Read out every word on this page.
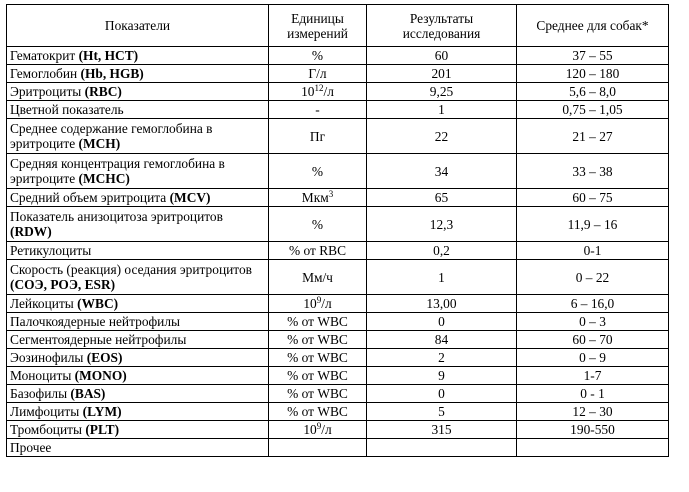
Показатели	Единицы измерений	Результаты исследования	Среднее для собак*
Гематокрит (Ht, HCT)	%	60	37 – 55
Гемоглобин (Hb, HGB)	Г/л	201	120 – 180
Эритроциты (RBC)	$10^{12}/л$	9,25	5,6 – 8,0
Цветной показатель	-	1	0,75 – 1,05
Среднее содержание гемоглобина в эритроците (MCH)	Пг	22	21 – 27
Средняя концентрация гемоглобина в эритроците (MCHC)	%	34	33 – 38
Средний объем эритроцита (MCV)	Мкм$^3$	65	60 – 75
Показатель анизоцитоза эритроцитов (RDW)	%	12,3	11,9 – 16
Ретикулоциты	% от RBC	0,2	0-1
Скорость (реакция) оседания эритроцитов (СОЭ, РОЭ, ESR)	Мм/ч	1	0 – 22
Лейкоциты (WBC)	$10^9/л$	13,00	6 – 16,0
Палочкоядерные нейтрофилы	% от WBC	0	0 – 3
Сегментоядерные нейтрофилы	% от WBC	84	60 – 70
Эозинофилы (EOS)	% от WBC	2	0 – 9
Моноциты (MONO)	% от WBC	9	1-7
Базофилы (BAS)	% от WBC	0	0 - 1
Лимфоциты (LYM)	% от WBC	5	12 – 30
Тромбоциты (PLT)	$10^9/л$	315	190-550
Прочее			
